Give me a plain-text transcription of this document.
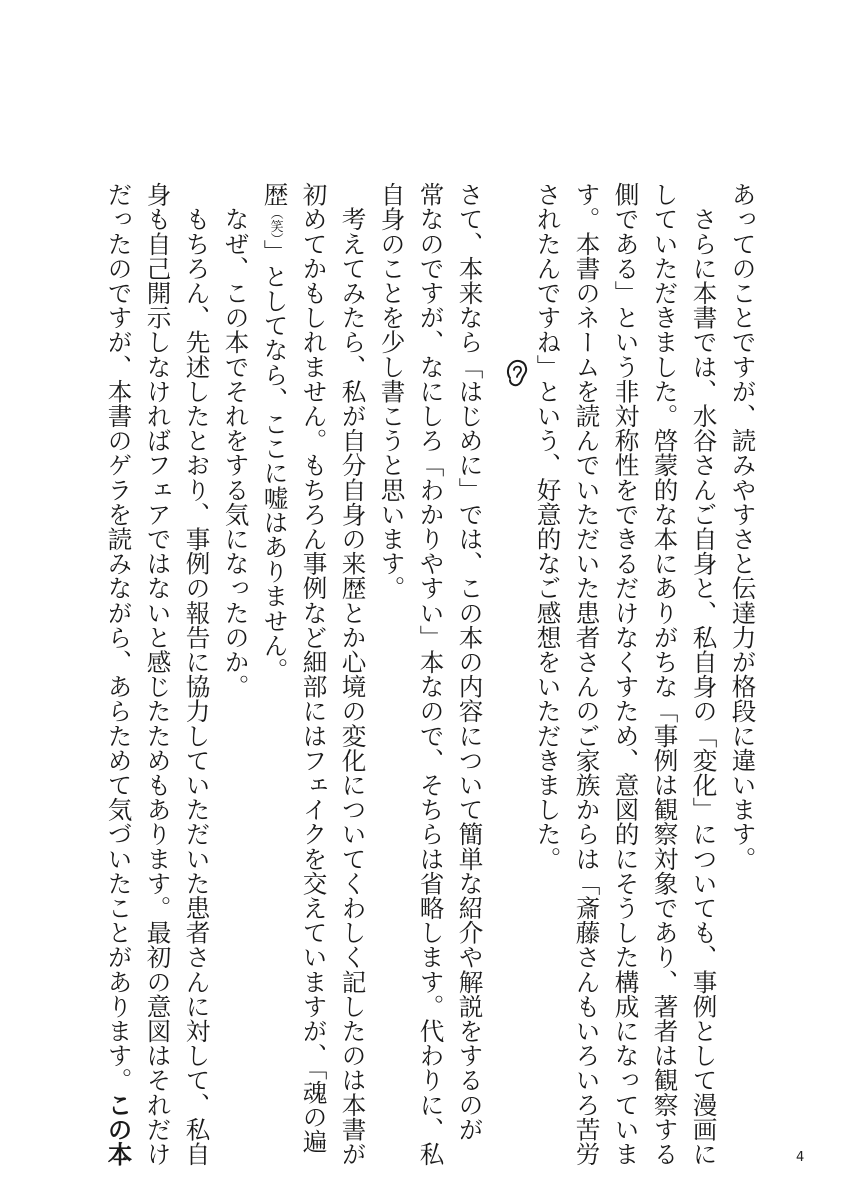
あってのことですが、読みやすさと伝達力が格段に違います。
　さらに本書では、水谷さんご自身と、私自身の「変化」についても、事例として漫画に
していただきました。啓蒙的な本にありがちな「事例は観察対象であり、著者は観察する
側である」という非対称性をできるだけなくすため、意図的にそうした構成になっていま
す。本書のネームを読んでいただいた患者さんのご家族からは「斎藤さんもいろいろ苦労
されたんですね」という、好意的なご感想をいただきました。
さて、本来なら「はじめに」では、この本の内容について簡単な紹介や解説をするのが
常なのですが、なにしろ「わかりやすい」本なので、そちらは省略します。代わりに、私
自身のことを少し書こうと思います。
　考えてみたら、私が自分自身の来歴とか心境の変化についてくわしく記したのは本書が
初めてかもしれません。もちろん事例など細部にはフェイクを交えていますが、「魂の遍
歴（笑）」としてなら、ここに嘘はありません。
　なぜ、この本でそれをする気になったのか。
　もちろん、先述したとおり、事例の報告に協力していただいた患者さんに対して、私自
身も自己開示しなければフェアではないと感じたためもあります。最初の意図はそれだけ
だったのですが、本書のゲラを読みながら、あらためて気づいたことがあります。この本	4
